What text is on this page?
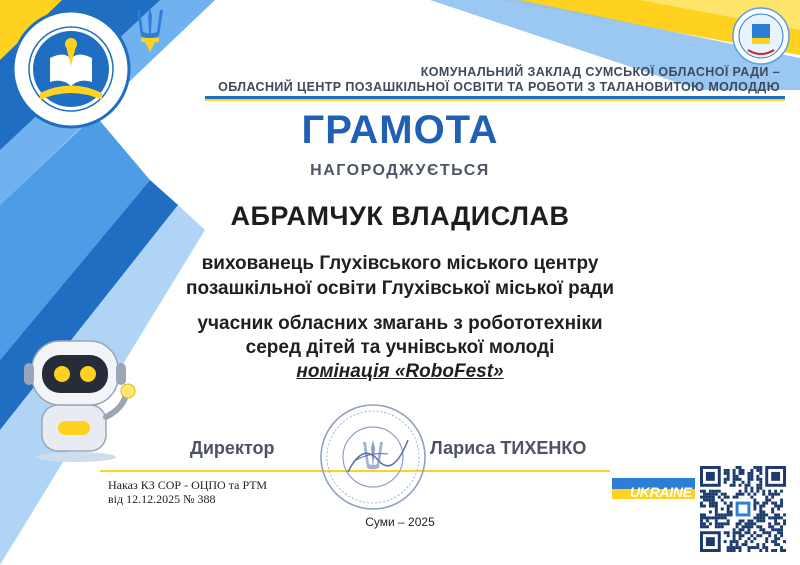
КОМУНАЛЬНИЙ ЗАКЛАД СУМСЬКОЇ ОБЛАСНОЇ РАДИ –
ОБЛАСНИЙ ЦЕНТР ПОЗАШКІЛЬНОЇ ОСВІТИ ТА РОБОТИ З ТАЛАНОВИТОЮ МОЛОДДЮ
ГРАМОТА
НАГОРОДЖУЄТЬСЯ
АБРАМЧУК ВЛАДИСЛАВ
вихованець Глухівського міського центру
позашкільної освіти Глухівської міської ради
учасник обласних змагань з робототехніки
серед дітей та учнівської молоді
номінація «RoboFest»
Директор	Лариса ТИХЕНКО
Наказ КЗ СОР - ОЦПО та РТМ
від 12.12.2025 № 388
Суми – 2025
UKRAINE
